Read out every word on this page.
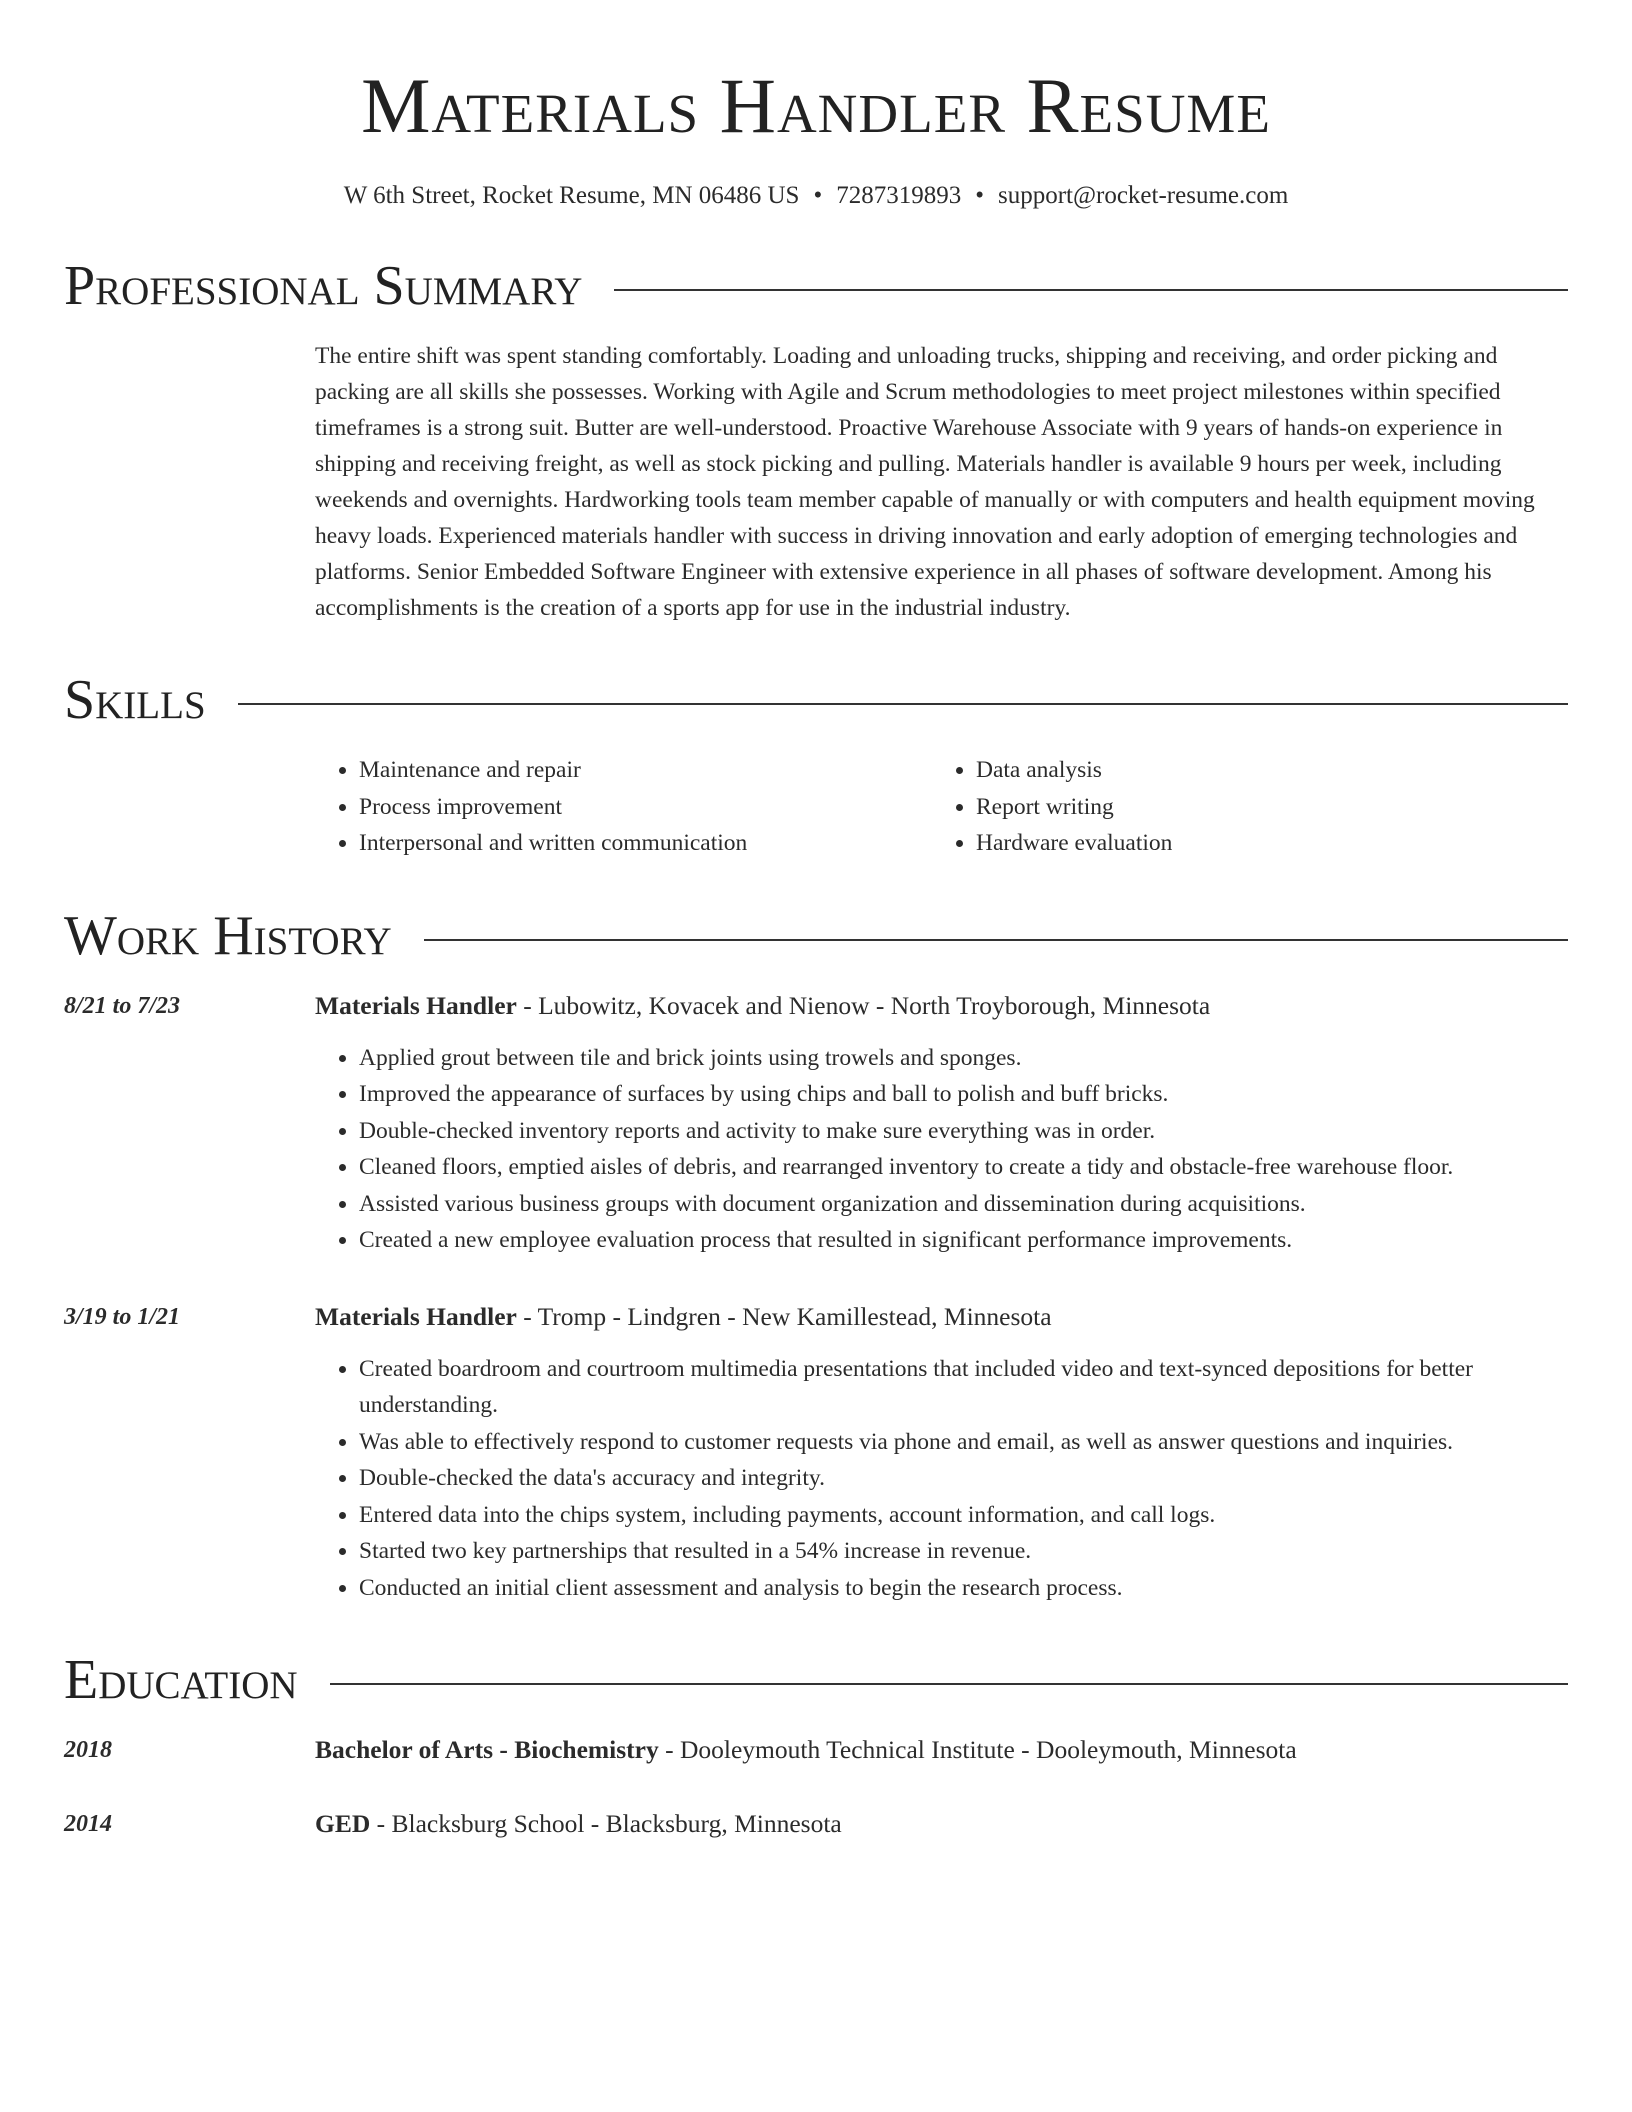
Materials Handler Resume
W 6th Street, Rocket Resume, MN 06486 US • 7287319893 • support@rocket-resume.com
Professional Summary
The entire shift was spent standing comfortably. Loading and unloading trucks, shipping and receiving, and order picking and packing are all skills she possesses. Working with Agile and Scrum methodologies to meet project milestones within specified timeframes is a strong suit. Butter are well-understood. Proactive Warehouse Associate with 9 years of hands-on experience in shipping and receiving freight, as well as stock picking and pulling. Materials handler is available 9 hours per week, including weekends and overnights. Hardworking tools team member capable of manually or with computers and health equipment moving heavy loads. Experienced materials handler with success in driving innovation and early adoption of emerging technologies and platforms. Senior Embedded Software Engineer with extensive experience in all phases of software development. Among his accomplishments is the creation of a sports app for use in the industrial industry.
Skills
• Maintenance and repair
• Process improvement
• Interpersonal and written communication
• Data analysis
• Report writing
• Hardware evaluation
Work History
8/21 to 7/23	Materials Handler - Lubowitz, Kovacek and Nienow - North Troyborough, Minnesota
• Applied grout between tile and brick joints using trowels and sponges.
• Improved the appearance of surfaces by using chips and ball to polish and buff bricks.
• Double-checked inventory reports and activity to make sure everything was in order.
• Cleaned floors, emptied aisles of debris, and rearranged inventory to create a tidy and obstacle-free warehouse floor.
• Assisted various business groups with document organization and dissemination during acquisitions.
• Created a new employee evaluation process that resulted in significant performance improvements.
3/19 to 1/21	Materials Handler - Tromp - Lindgren - New Kamillestead, Minnesota
• Created boardroom and courtroom multimedia presentations that included video and text-synced depositions for better understanding.
• Was able to effectively respond to customer requests via phone and email, as well as answer questions and inquiries.
• Double-checked the data's accuracy and integrity.
• Entered data into the chips system, including payments, account information, and call logs.
• Started two key partnerships that resulted in a 54% increase in revenue.
• Conducted an initial client assessment and analysis to begin the research process.
Education
2018	Bachelor of Arts - Biochemistry - Dooleymouth Technical Institute - Dooleymouth, Minnesota
2014	GED - Blacksburg School - Blacksburg, Minnesota
